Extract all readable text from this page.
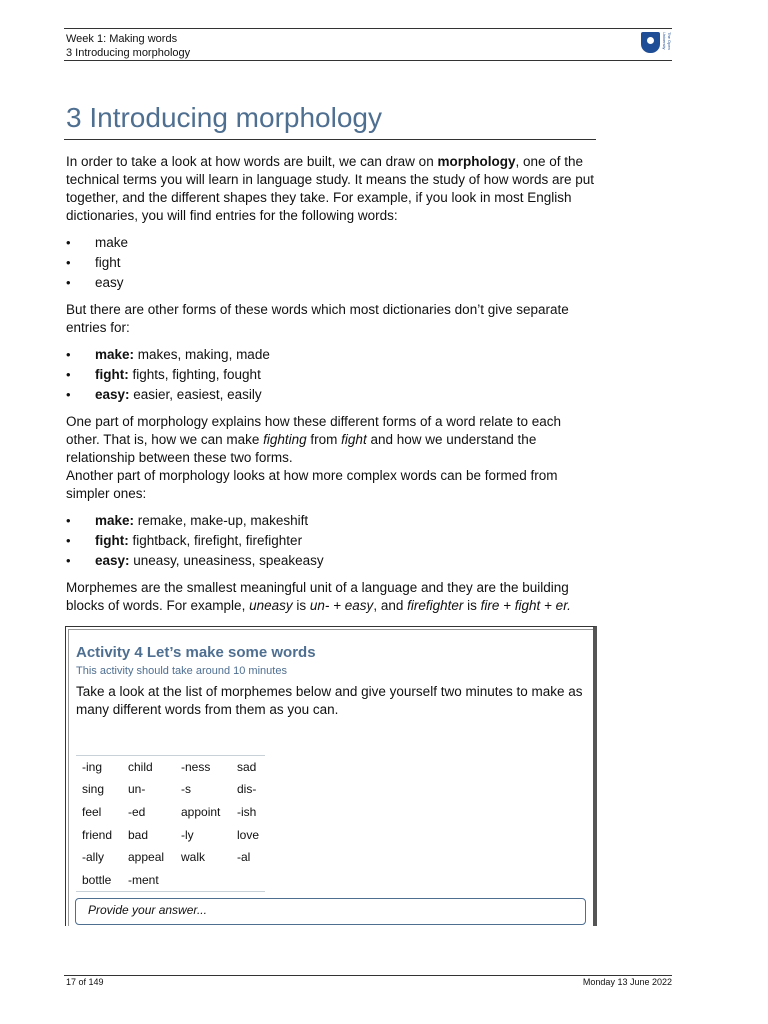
Week 1: Making words
3 Introducing morphology
The Open University
3 Introducing morphology

In order to take a look at how words are built, we can draw on morphology, one of the technical terms you will learn in language study. It means the study of how words are put together, and the different shapes they take. For example, if you look in most English dictionaries, you will find entries for the following words:

• make
• fight
• easy

But there are other forms of these words which most dictionaries don’t give separate entries for:

• make: makes, making, made
• fight: fights, fighting, fought
• easy: easier, easiest, easily

One part of morphology explains how these different forms of a word relate to each other. That is, how we can make fighting from fight and how we understand the relationship between these two forms.

Another part of morphology looks at how more complex words can be formed from simpler ones:

• make: remake, make-up, makeshift
• fight: fightback, firefight, firefighter
• easy: uneasy, uneasiness, speakeasy

Morphemes are the smallest meaningful unit of a language and they are the building blocks of words. For example, uneasy is un- + easy, and firefighter is fire + fight + er.

Activity 4 Let’s make some words
This activity should take around 10 minutes
Take a look at the list of morphemes below and give yourself two minutes to make as many different words from them as you can.
-ing	child	-ness	sad
sing	un-	-s	dis-
feel	-ed	appoint	-ish
friend	bad	-ly	love
-ally	appeal	walk	-al
bottle	-ment		
Provide your answer...
17 of 149	Monday 13 June 2022
